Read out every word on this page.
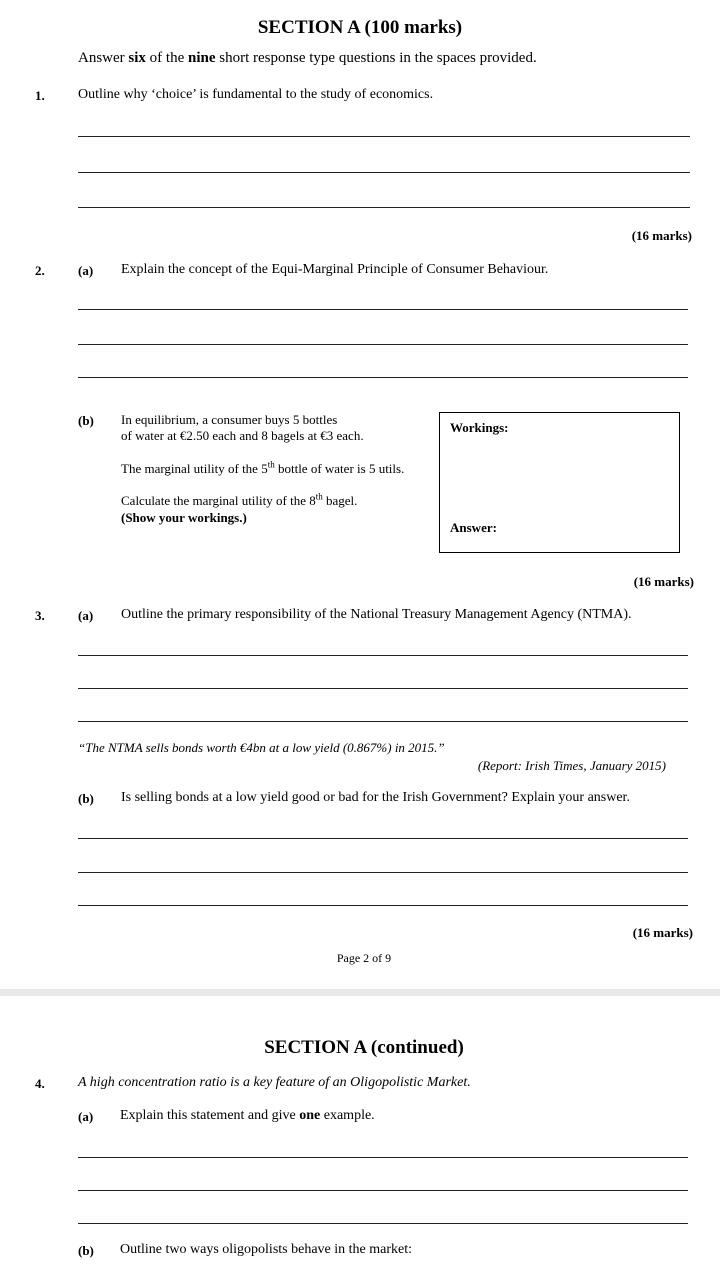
SECTION A (100 marks)
Answer six of the nine short response type questions in the spaces provided.
1. Outline why ‘choice’ is fundamental to the study of economics.
(16 marks)
2.	(a) Explain the concept of the Equi-Marginal Principle of Consumer Behaviour.
(b) In equilibrium, a consumer buys 5 bottles
of water at €2.50 each and 8 bagels at €3 each.
The marginal utility of the 5th bottle of water is 5 utils.
Calculate the marginal utility of the 8th bagel.
(Show your workings.)
Workings:
Answer:
(16 marks)
3.	(a) Outline the primary responsibility of the National Treasury Management Agency (NTMA).
“The NTMA sells bonds worth €4bn at a low yield (0.867%) in 2015.”
(Report: Irish Times, January 2015)
(b) Is selling bonds at a low yield good or bad for the Irish Government? Explain your answer.
(16 marks)
Page 2 of 9
SECTION A (continued)
4. A high concentration ratio is a key feature of an Oligopolistic Market.
(a) Explain this statement and give one example.
(b) Outline two ways oligopolists behave in the market:
